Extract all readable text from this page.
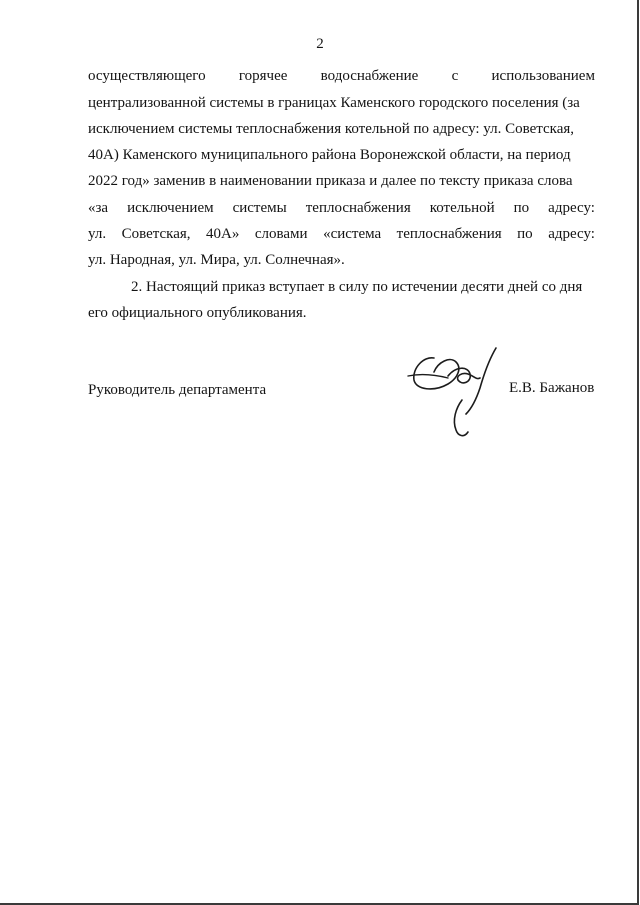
2
осуществляющего горячее водоснабжение с использованием
централизованной системы в границах Каменского городского поселения (за
исключением системы теплоснабжения котельной по адресу: ул. Советская,
40А) Каменского муниципального района Воронежской области, на период
2022 год» заменив в наименовании приказа и далее по тексту приказа слова
«за исключением системы теплоснабжения котельной по адресу:
ул. Советская, 40А» словами «система теплоснабжения по адресу:
ул. Народная, ул. Мира, ул. Солнечная».
2. Настоящий приказ вступает в силу по истечении десяти дней со дня
его официального опубликования.
Руководитель департамента	Е.В. Бажанов
